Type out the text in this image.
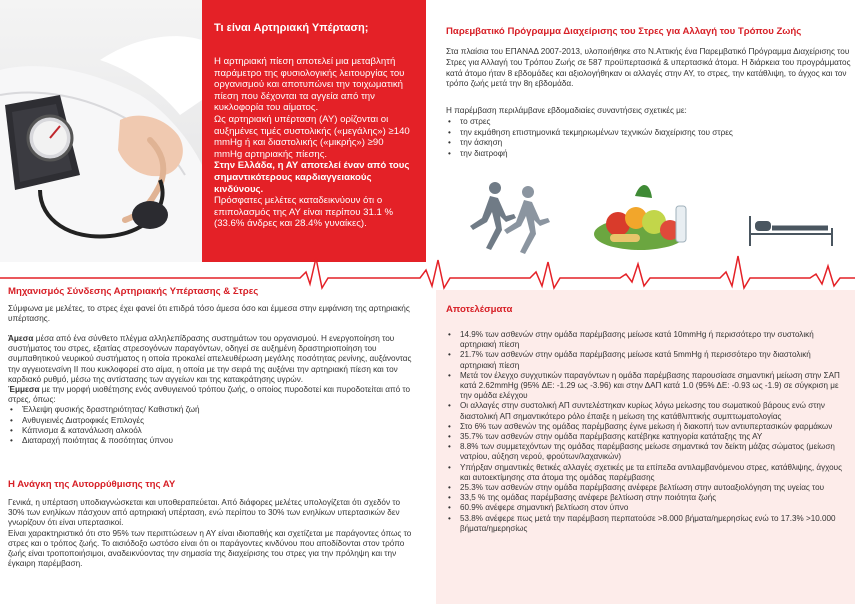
Τι είναι Αρτηριακή Υπέρταση;

Η αρτηριακή πίεση αποτελεί μια μεταβλητή παράμετρο της φυσιολογικής λειτουργίας του οργανισμού και αποτυπώνει την τοιχωματική πίεση που δέχονται τα αγγεία από την κυκλοφορία του αίματος.

Ως αρτηριακή υπέρταση (ΑΥ) ορίζονται οι αυξημένες τιμές συστολικής («μεγάλης») ≥140 mmHg ή και διαστολικής («μικρής») ≥90 mmHg αρτηριακής πίεσης.

Στην Ελλάδα, η ΑΥ αποτελεί έναν από τους σημαντικότερους καρδιαγγειακούς κινδύνους.

Πρόσφατες μελέτες καταδεικνύουν ότι ο επιπολασμός της ΑΥ είναι περίπου 31.1 % (33.6% άνδρες και 28.4% γυναίκες).

Παρεμβατικό Πρόγραμμα Διαχείρισης του Στρες για Αλλαγή του Τρόπου Ζωής
Στα πλαίσια του ΕΠΑΝΑΔ 2007-2013, υλοποιήθηκε στο Ν.Αττικής ένα Παρεμβατικό Πρόγραμμα Διαχείρισης του Στρες για Αλλαγή του Τρόπου Ζωής σε 587 προϋπερτασικά & υπερτασικά άτομα. Η διάρκεια του προγράμματος κατά άτομο ήταν 8 εβδομάδες και αξιολογήθηκαν οι αλλαγές στην ΑΥ, το στρες, την κατάθλιψη, το άγχος και τον τρόπο ζωής μετά την 8η εβδομάδα.
Η παρέμβαση περιλάμβανε εβδομαδιαίες συναντήσεις σχετικές με:
• το στρες
• την εκμάθηση επιστημονικά τεκμηριωμένων τεχνικών διαχείρισης του στρες
• την άσκηση
• την διατροφή
Μηχανισμός Σύνδεσης Αρτηριακής Υπέρτασης & Στρες
Σύμφωνα με μελέτες, το στρες έχει φανεί ότι επιδρά τόσο άμεσα όσο και έμμεσα στην εμφάνιση της αρτηριακής υπέρτασης.

Άμεσα μέσα από ένα σύνθετο πλέγμα αλληλεπίδρασης συστημάτων του οργανισμού. Η ενεργοποίηση του συστήματος του στρες, εξαιτίας στρεσογόνων παραγόντων, οδηγεί σε αυξημένη δραστηριοποίηση του συμπαθητικού νευρικού συστήματος η οποία προκαλεί απελευθέρωση μεγάλης ποσότητας ρενίνης, αυξάνοντας την αγγειοτενσίνη ΙΙ που κυκλοφορεί στο αίμα, η οποία με την σειρά της αυξάνει την αρτηριακή πίεση και τον καρδιακό ρυθμό, μέσω της αντίστασης των αγγείων και της κατακράτησης υγρών.

Έμμεσα με την μορφή υιοθέτησης ενός ανθυγιεινού τρόπου ζωής, ο οποίος πυροδοτεί και πυροδοτείται από το στρες, όπως:

• Έλλειψη φυσικής δραστηριότητας/ Καθιστική ζωή
• Ανθυγιεινές Διατροφικές Επιλογές
• Κάπνισμα & κατανάλωση αλκοόλ
• Διαταραχή ποιότητας & ποσότητας ύπνου
Η Ανάγκη της Αυτορρύθμισης της ΑΥ

Γενικά, η υπέρταση υποδιαγνώσκεται και υποθεραπεύεται. Από διάφορες μελέτες υπολογίζεται ότι σχεδόν το 30% των ενηλίκων πάσχουν από αρτηριακή υπέρταση, ενώ περίπου το 30% των ενηλίκων υπερτασικών δεν γνωρίζουν ότι είναι υπερτασικοί.

Είναι χαρακτηριστικό ότι στο 95% των περιπτώσεων η ΑΥ είναι ιδιοπαθής και σχετίζεται με παράγοντες όπως το στρες και ο τρόπος ζωής. Το αισιόδοξο ωστόσο είναι ότι οι παράγοντες κινδύνου που αποδίδονται στον τρόπο ζωής είναι τροποποιήσιμοι, αναδεικνύοντας την σημασία της διαχείρισης του στρες για την πρόληψη και την έγκαιρη παρέμβαση.

Αποτελέσματα
• 14.9% των ασθενών στην ομάδα παρέμβασης μείωσε κατά 10mmHg ή περισσότερο την συστολική αρτηριακή πίεση
• 21.7% των ασθενών στην ομάδα παρέμβασης μείωσε κατά 5mmHg ή περισσότερο την διαστολική αρτηριακή πίεση
• Μετά τον έλεγχο συγχυτικών παραγόντων η ομάδα παρέμβασης παρουσίασε σημαντική μείωση στην ΣΑΠ κατά 2.62mmHg (95% ΔΕ: -1.29 ως -3.96) και στην ΔΑΠ κατά 1.0 (95% ΔΕ: -0.93 ως -1.9) σε σύγκριση με την ομάδα ελέγχου
• Οι αλλαγές στην συστολική ΑΠ συντελέστηκαν κυρίως λόγω μείωσης του σωματικού βάρους ενώ στην διαστολική ΑΠ σημαντικότερο ρόλο έπαιξε η μείωση της κατάθλιπτικής συμπτωματολογίας
• Στο 6% των ασθενών της ομάδας παρέμβασης έγινε μείωση ή διακοπή των αντιυπερτασικών φαρμάκων
• 35.7% των ασθενών στην ομάδα παρέμβασης κατέβηκε κατηγορία κατάταξης της ΑΥ
• 8.8% των συμμετεχόντων της ομάδας παρέμβασης μείωσε σημαντικά τον δείκτη μάζας σώματος (μείωση νατρίου, αύξηση νερού, φρούτων/λαχανικών)
• Υπήρξαν σημαντικές θετικές αλλαγές σχετικές με τα επίπεδα αντιλαμβανόμενου στρες, κατάθλιψης, άγχους και αυτοεκτίμησης στα άτομα της ομάδας παρέμβασης
• 25.3% των ασθενών στην ομάδα παρέμβασης ανέφερε βελτίωση στην αυτοαξιολόγηση της υγείας του
• 33,5 % της ομάδας παρέμβασης ανέφερε βελτίωση στην ποιότητα ζωής
• 60.9% ανέφερε σημαντική βελτίωση στον ύπνο
• 53.8% ανέφερε πως μετά την παρέμβαση περπατούσε >8.000 βήματα/ημερησίως ενώ το 17.3% >10.000 βήματα/ημερησίως
